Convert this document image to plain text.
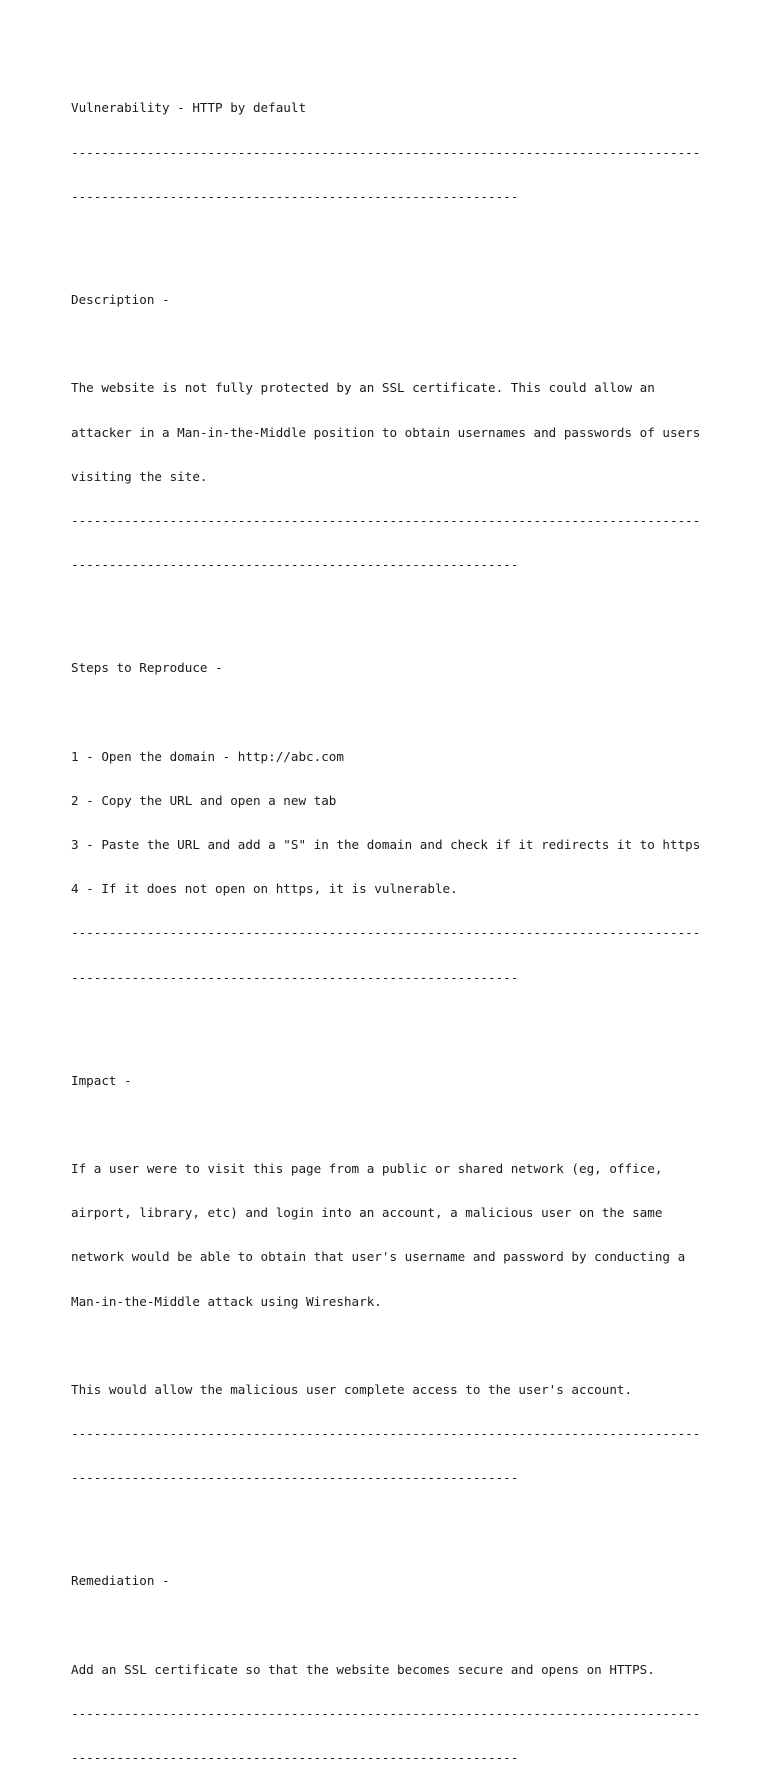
Vulnerability - HTTP by default

-----------------------------------------------------------------------------------

-----------------------------------------------------------

Description -

The website is not fully protected by an SSL certificate. This could allow an

attacker in a Man-in-the-Middle position to obtain usernames and passwords of users

visiting the site.

-----------------------------------------------------------------------------------

-----------------------------------------------------------

Steps to Reproduce -

1 - Open the domain - http://abc.com

2 - Copy the URL and open a new tab

3 - Paste the URL and add a "S" in the domain and check if it redirects it to https

4 - If it does not open on https, it is vulnerable.

-----------------------------------------------------------------------------------

-----------------------------------------------------------

Impact -

If a user were to visit this page from a public or shared network (eg, office,

airport, library, etc) and login into an account, a malicious user on the same

network would be able to obtain that user's username and password by conducting a

Man-in-the-Middle attack using Wireshark.

This would allow the malicious user complete access to the user's account.

-----------------------------------------------------------------------------------

-----------------------------------------------------------

Remediation -

Add an SSL certificate so that the website becomes secure and opens on HTTPS.

-----------------------------------------------------------------------------------

-----------------------------------------------------------
